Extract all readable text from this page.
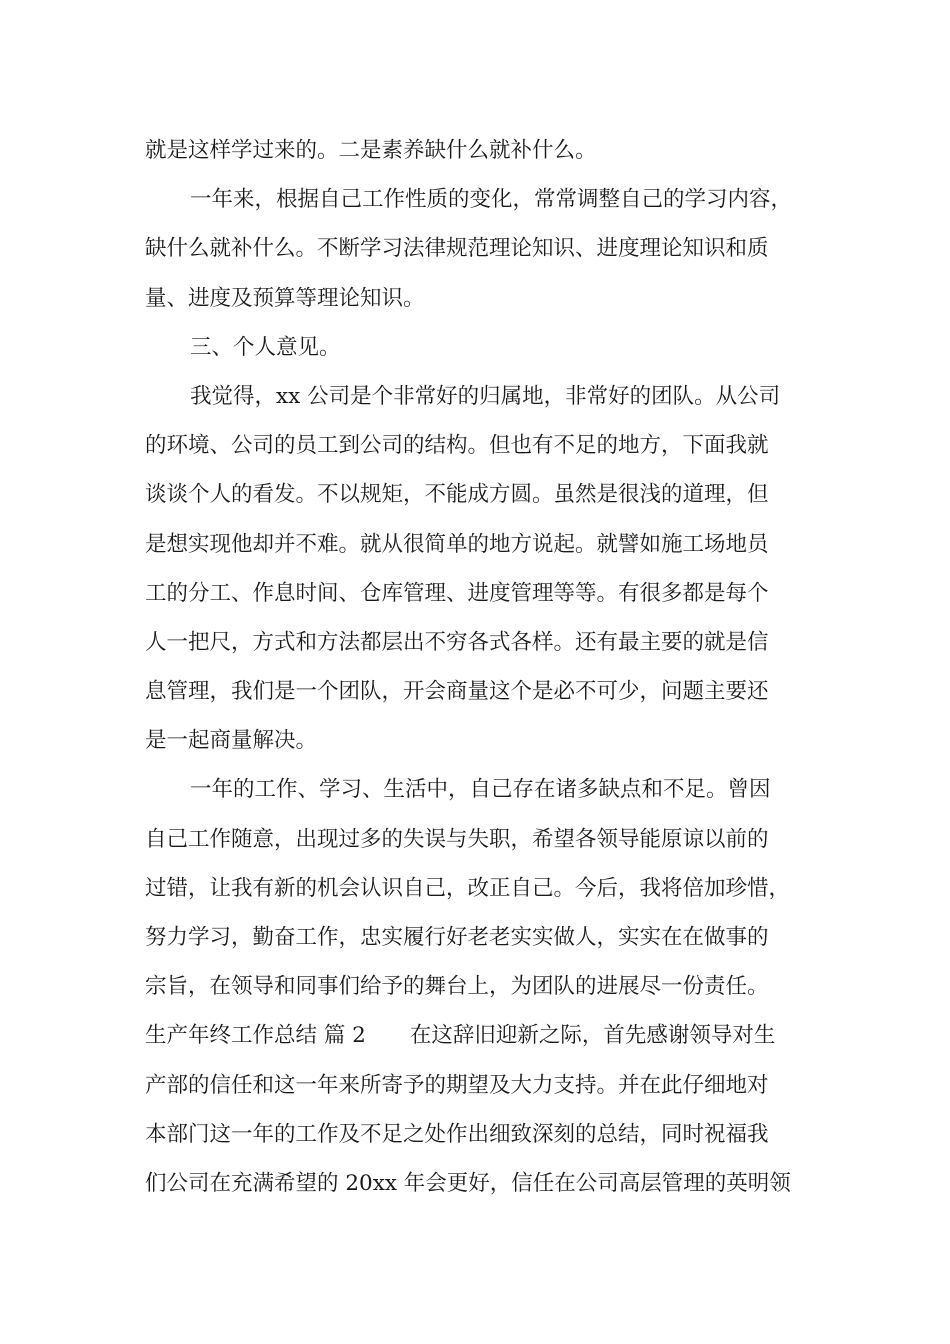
就是这样学过来的。二是素养缺什么就补什么。
一年来，根据自己工作性质的变化，常常调整自己的学习内容，
缺什么就补什么。不断学习法律规范理论知识、进度理论知识和质
量、进度及预算等理论知识。
三、个人意见。
我觉得，xx 公司是个非常好的归属地，非常好的团队。从公司
的环境、公司的员工到公司的结构。但也有不足的地方，下面我就
谈谈个人的看发。不以规矩，不能成方圆。虽然是很浅的道理，但
是想实现他却并不难。就从很简单的地方说起。就譬如施工场地员
工的分工、作息时间、仓库管理、进度管理等等。有很多都是每个
人一把尺，方式和方法都层出不穷各式各样。还有最主要的就是信
息管理，我们是一个团队，开会商量这个是必不可少，问题主要还
是一起商量解决。
一年的工作、学习、生活中，自己存在诸多缺点和不足。曾因
自己工作随意，出现过多的失误与失职，希望各领导能原谅以前的
过错，让我有新的机会认识自己，改正自己。今后，我将倍加珍惜，
努力学习，勤奋工作，忠实履行好老老实实做人，实实在在做事的
宗旨，在领导和同事们给予的舞台上，为团队的进展尽一份责任。
生产年终工作总结 篇 2 在这辞旧迎新之际，首先感谢领导对生
产部的信任和这一年来所寄予的期望及大力支持。并在此仔细地对
本部门这一年的工作及不足之处作出细致深刻的总结，同时祝福我
们公司在充满希望的 20xx 年会更好，信任在公司高层管理的英明领
